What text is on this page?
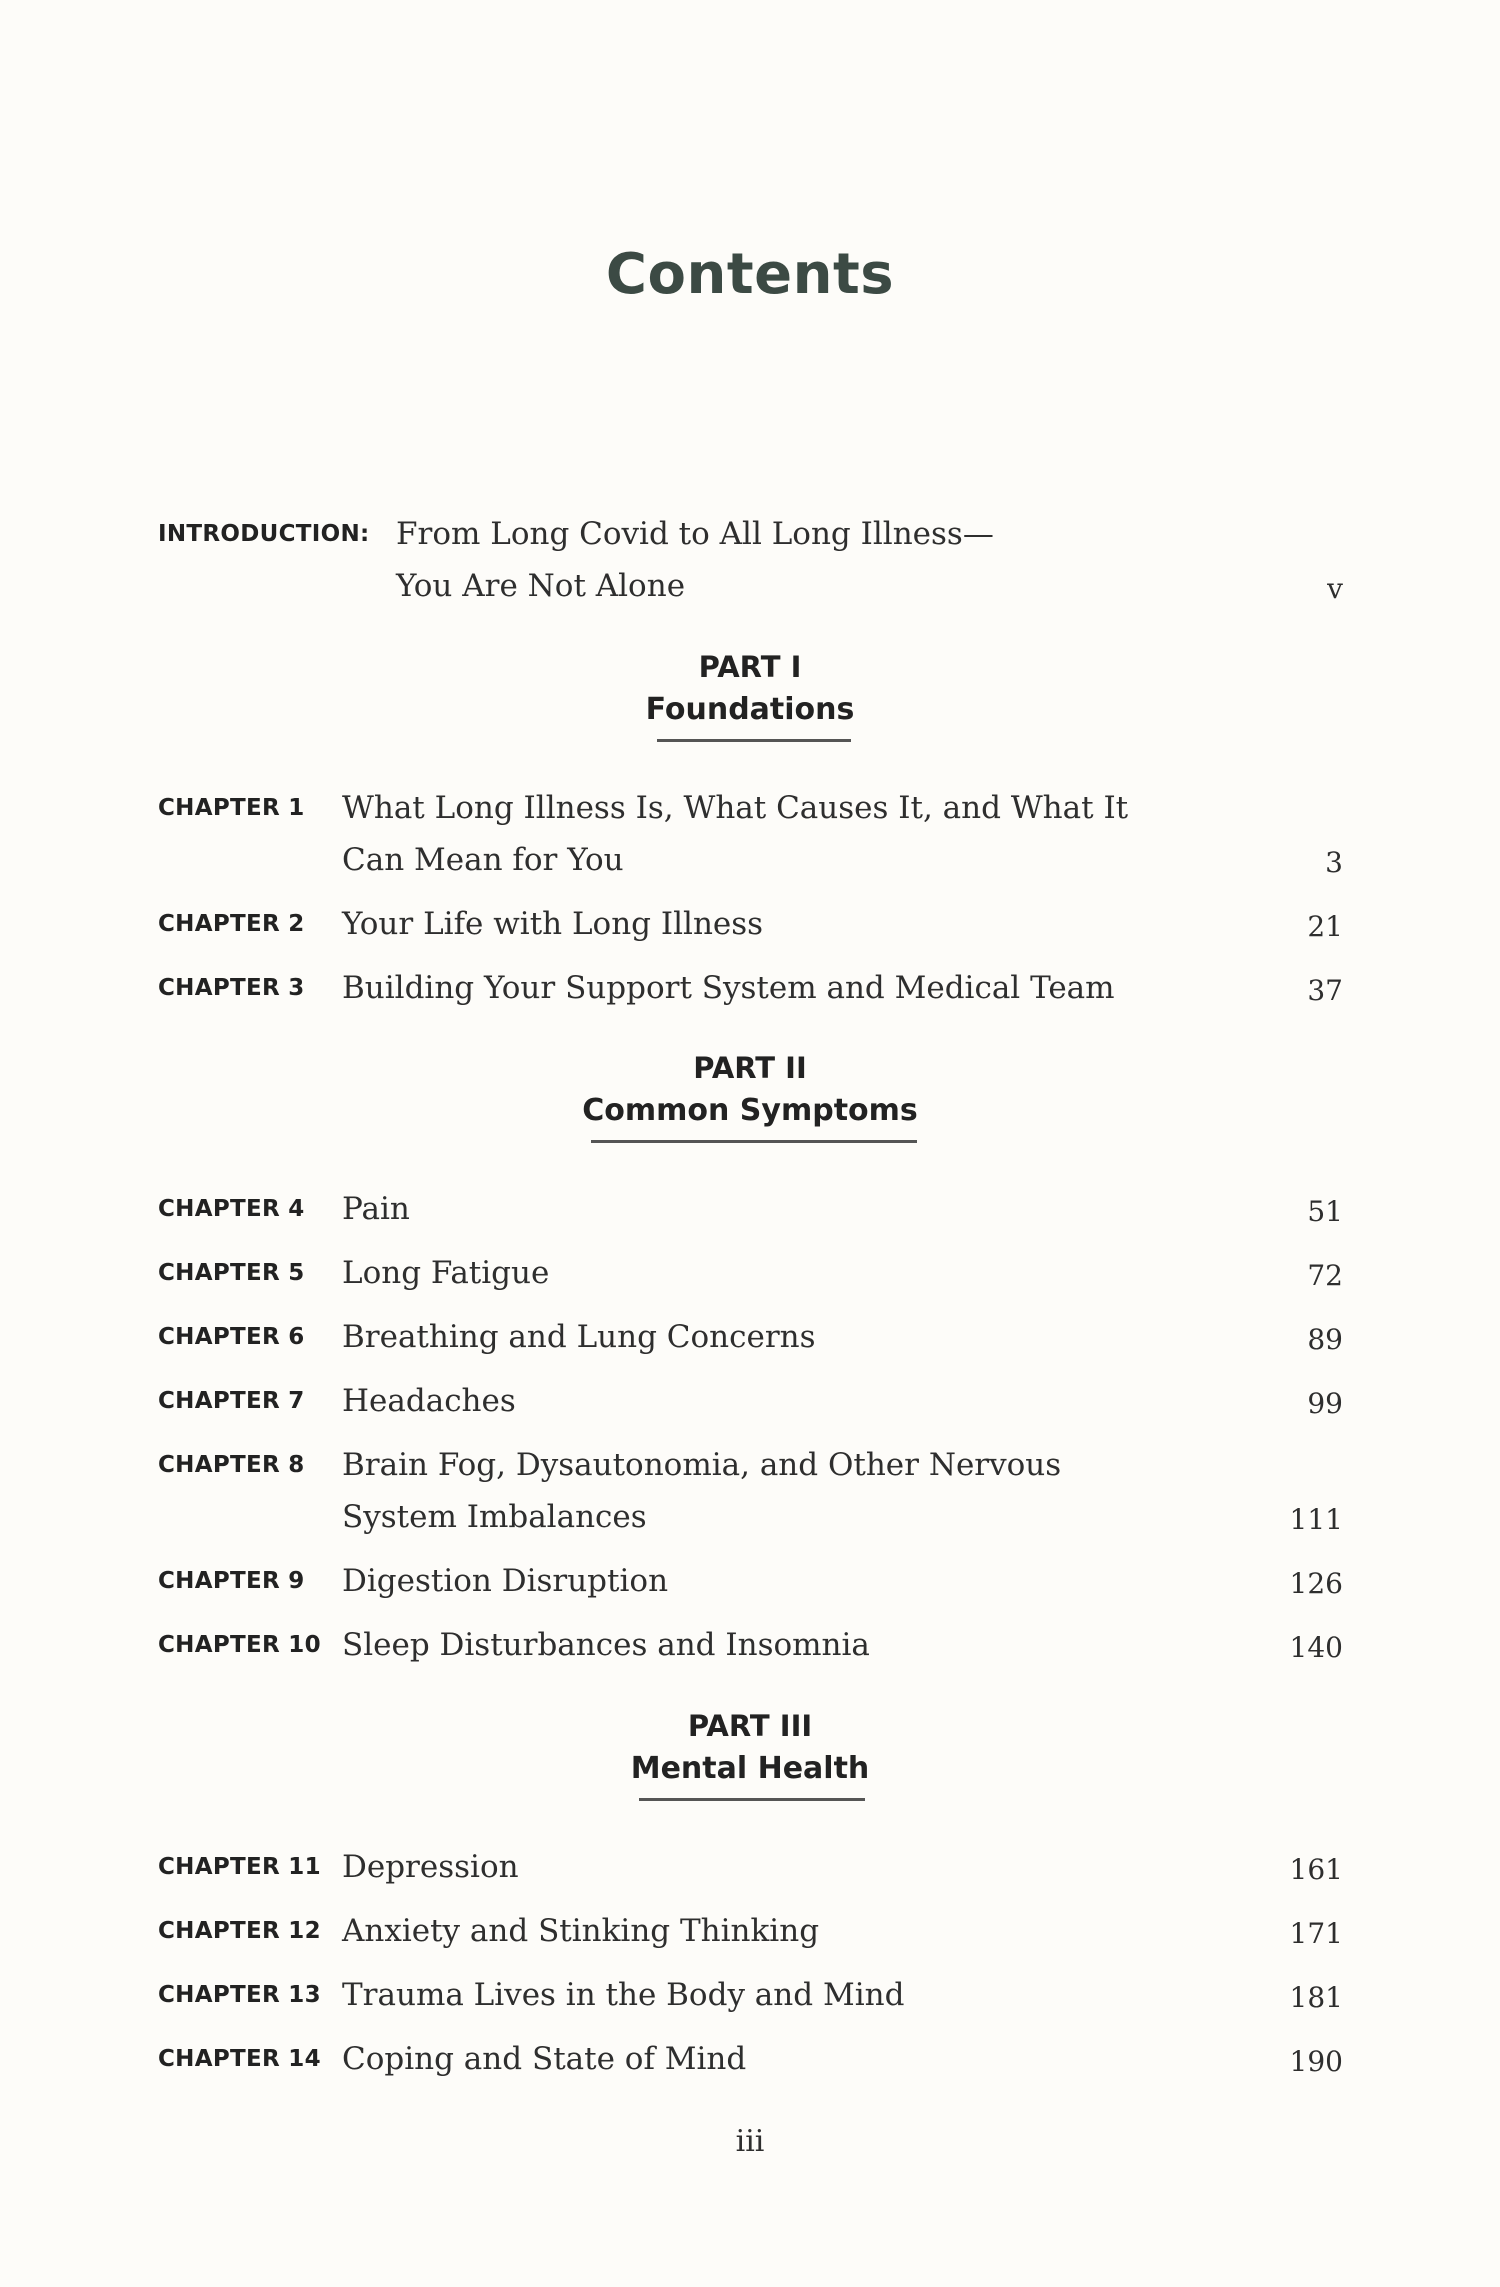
Contents
INTRODUCTION: From Long Covid to All Long Illness—
You Are Not Alone	v
PART I
Foundations
CHAPTER 1 What Long Illness Is, What Causes It, and What It
Can Mean for You	3
CHAPTER 2 Your Life with Long Illness	21
CHAPTER 3 Building Your Support System and Medical Team	37
PART II
Common Symptoms
CHAPTER 4 Pain	51
CHAPTER 5 Long Fatigue	72
CHAPTER 6 Breathing and Lung Concerns	89
CHAPTER 7 Headaches	99
CHAPTER 8 Brain Fog, Dysautonomia, and Other Nervous
System Imbalances	111
CHAPTER 9 Digestion Disruption	126
CHAPTER 10 Sleep Disturbances and Insomnia	140
PART III
Mental Health
CHAPTER 11 Depression	161
CHAPTER 12 Anxiety and Stinking Thinking	171
CHAPTER 13 Trauma Lives in the Body and Mind	181
CHAPTER 14 Coping and State of Mind	190
iii
